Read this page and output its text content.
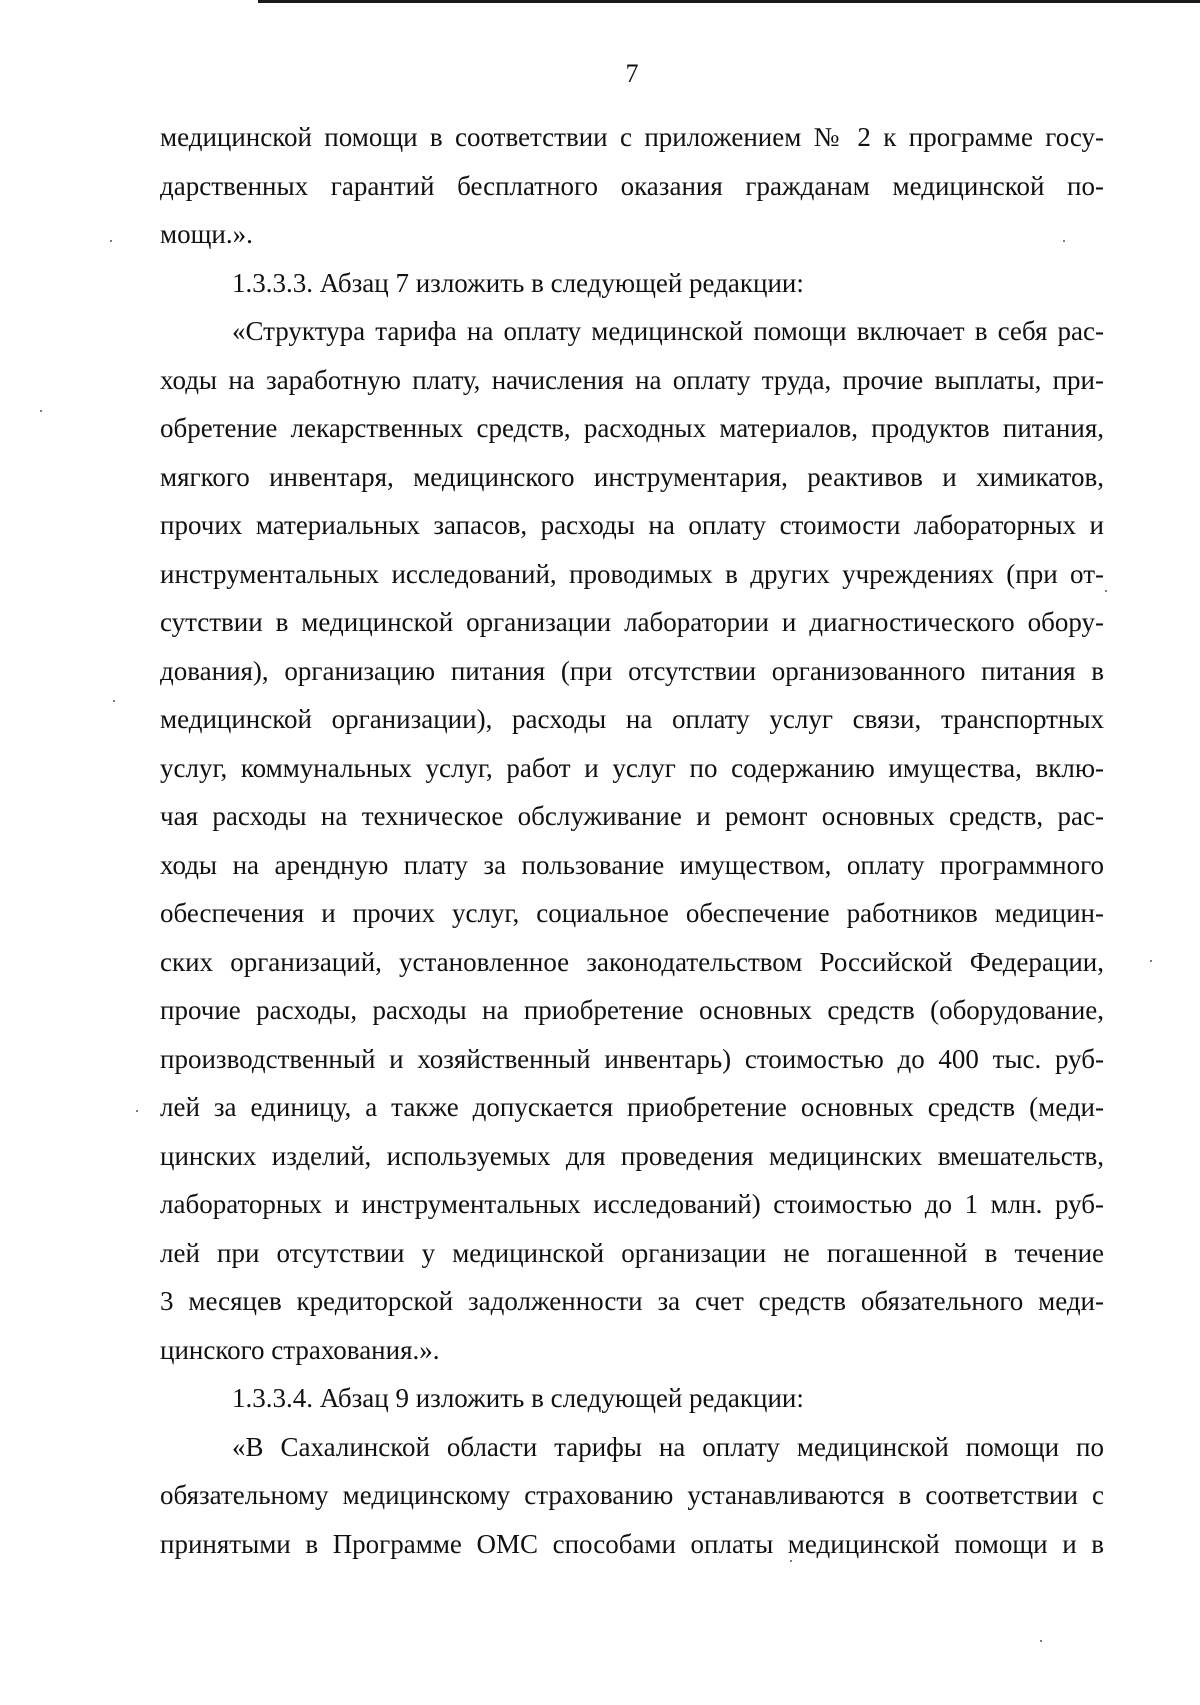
7
медицинской помощи в соответствии с приложением № 2 к программе госу-
дарственных гарантий бесплатного оказания гражданам медицинской по-
мощи.».
1.3.3.3. Абзац 7 изложить в следующей редакции:
«Структура тарифа на оплату медицинской помощи включает в себя рас-
ходы на заработную плату, начисления на оплату труда, прочие выплаты, при-
обретение лекарственных средств, расходных материалов, продуктов питания,
мягкого инвентаря, медицинского инструментария, реактивов и химикатов,
прочих материальных запасов, расходы на оплату стоимости лабораторных и
инструментальных исследований, проводимых в других учреждениях (при от-
сутствии в медицинской организации лаборатории и диагностического обору-
дования), организацию питания (при отсутствии организованного питания в
медицинской организации), расходы на оплату услуг связи, транспортных
услуг, коммунальных услуг, работ и услуг по содержанию имущества, вклю-
чая расходы на техническое обслуживание и ремонт основных средств, рас-
ходы на арендную плату за пользование имуществом, оплату программного
обеспечения и прочих услуг, социальное обеспечение работников медицин-
ских организаций, установленное законодательством Российской Федерации,
прочие расходы, расходы на приобретение основных средств (оборудование,
производственный и хозяйственный инвентарь) стоимостью до 400 тыс. руб-
лей за единицу, а также допускается приобретение основных средств (меди-
цинских изделий, используемых для проведения медицинских вмешательств,
лабораторных и инструментальных исследований) стоимостью до 1 млн. руб-
лей при отсутствии у медицинской организации не погашенной в течение
3 месяцев кредиторской задолженности за счет средств обязательного меди-
цинского страхования.».
1.3.3.4. Абзац 9 изложить в следующей редакции:
«В Сахалинской области тарифы на оплату медицинской помощи по
обязательному медицинскому страхованию устанавливаются в соответствии с
принятыми в Программе ОМС способами оплаты медицинской помощи и в
